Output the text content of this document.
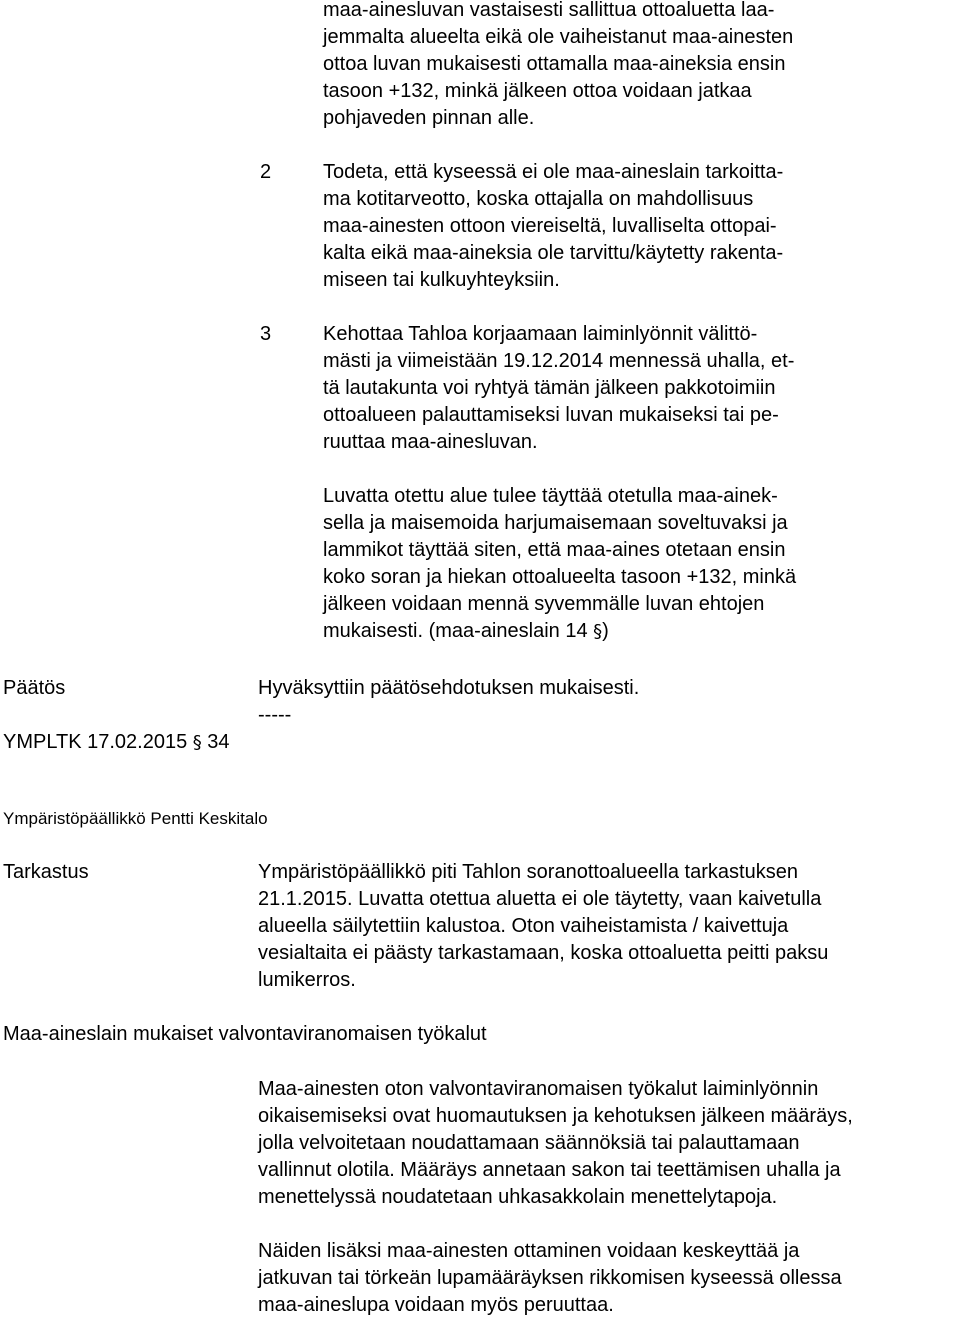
maa-ainesluvan vastaisesti sallittua ottoaluetta laa-
jemmalta alueelta eikä ole vaiheistanut maa-ainesten
ottoa luvan mukaisesti ottamalla maa-aineksia ensin
tasoon +132, minkä jälkeen ottoa voidaan jatkaa
pohjaveden pinnan alle.
2	Todeta, että kyseessä ei ole maa-aineslain tarkoitta-
ma kotitarveotto, koska ottajalla on mahdollisuus
maa-ainesten ottoon viereiseltä, luvalliselta ottopai-
kalta eikä maa-aineksia ole tarvittu/käytetty rakenta-
miseen tai kulkuyhteyksiin.
3	Kehottaa Tahloa korjaamaan laiminlyönnit välittö-
mästi ja viimeistään 19.12.2014 mennessä uhalla, et-
tä lautakunta voi ryhtyä tämän jälkeen pakkotoimiin
ottoalueen palauttamiseksi luvan mukaiseksi tai pe-
ruuttaa maa-ainesluvan.
Luvatta otettu alue tulee täyttää otetulla maa-ainek-
sella ja maisemoida harjumaisemaan soveltuvaksi ja
lammikot täyttää siten, että maa-aines otetaan ensin
koko soran ja hiekan ottoalueelta tasoon +132, minkä
jälkeen voidaan mennä syvemmälle luvan ehtojen
mukaisesti. (maa-aineslain 14 §)
Päätös	Hyväksyttiin päätösehdotuksen mukaisesti.
-----
YMPLTK 17.02.2015 § 34
Ympäristöpäällikkö Pentti Keskitalo
Tarkastus	Ympäristöpäällikkö piti Tahlon soranottoalueella tarkastuksen
21.1.2015. Luvatta otettua aluetta ei ole täytetty, vaan kaivetulla
alueella säilytettiin kalustoa. Oton vaiheistamista / kaivettuja
vesialtaita ei päästy tarkastamaan, koska ottoaluetta peitti paksu
lumikerros.
Maa-aineslain mukaiset valvontaviranomaisen työkalut
Maa-ainesten oton valvontaviranomaisen työkalut laiminlyönnin
oikaisemiseksi ovat huomautuksen ja kehotuksen jälkeen määräys,
jolla velvoitetaan noudattamaan säännöksiä tai palauttamaan
vallinnut olotila. Määräys annetaan sakon tai teettämisen uhalla ja
menettelyssä noudatetaan uhkasakkolain menettelytapoja.
Näiden lisäksi maa-ainesten ottaminen voidaan keskeyttää ja
jatkuvan tai törkeän lupamääräyksen rikkomisen kyseessä ollessa
maa-aineslupa voidaan myös peruuttaa.
